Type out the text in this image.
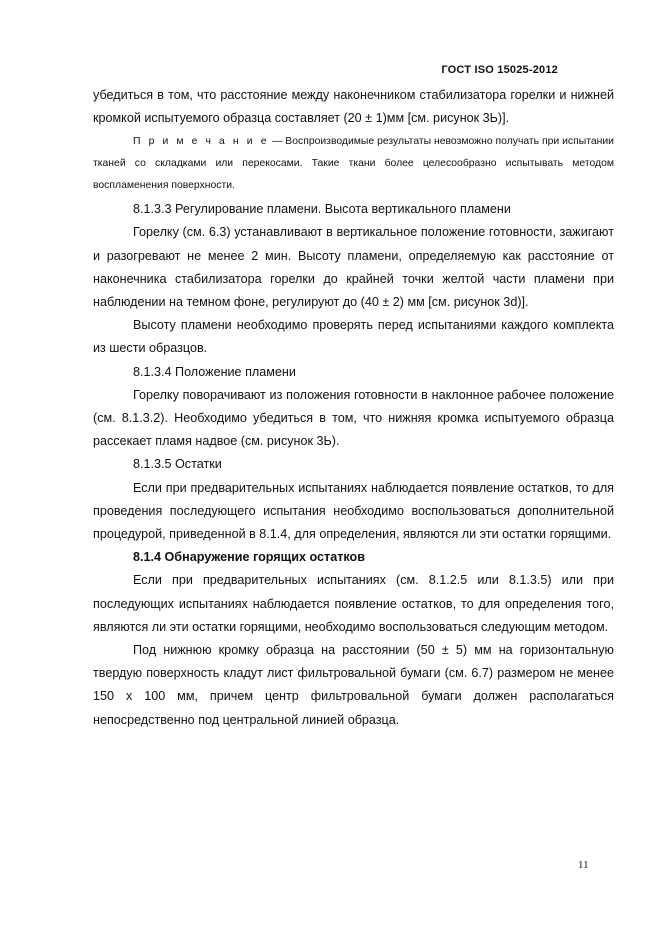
ГОСТ ISO 15025-2012

убедиться в том, что расстояние между наконечником стабилизатора горелки и нижней кромкой испытуемого образца составляет (20 ± 1)мм [см. рисунок 3Ь)].

П р и м е ч а н и е — Воспроизводимые результаты невозможно получать при испытании тканей со складками или перекосами. Такие ткани более целесообразно испытывать методом воспламенения поверхности.

8.1.3.3 Регулирование пламени. Высота вертикального пламени

Горелку (см. 6.3) устанавливают в вертикальное положение готовности, зажигают и разогревают не менее 2 мин. Высоту пламени, определяемую как расстояние от наконечника стабилизатора горелки до крайней точки желтой части пламени при наблюдении на темном фоне, регулируют до (40 ± 2) мм [см. рисунок 3d)].

Высоту пламени необходимо проверять перед испытаниями каждого комплекта из шести образцов.

8.1.3.4 Положение пламени

Горелку поворачивают из положения готовности в наклонное рабочее положение (см. 8.1.3.2). Необходимо убедиться в том, что нижняя кромка испытуемого образца рассекает пламя надвое (см. рисунок 3Ь).

8.1.3.5 Остатки

Если при предварительных испытаниях наблюдается появление остатков, то для проведения последующего испытания необходимо воспользоваться дополнительной процедурой, приведенной в 8.1.4, для определения, являются ли эти остатки горящими.

8.1.4 Обнаружение горящих остатков

Если при предварительных испытаниях (см. 8.1.2.5 или 8.1.3.5) или при последующих испытаниях наблюдается появление остатков, то для определения того, являются ли эти остатки горящими, необходимо воспользоваться следующим методом.

Под нижнюю кромку образца на расстоянии (50 ± 5) мм на горизонтальную твердую поверхность кладут лист фильтровальной бумаги (см. 6.7) размером не менее 150 x 100 мм, причем центр фильтровальной бумаги должен располагаться непосредственно под центральной линией образца.

11
